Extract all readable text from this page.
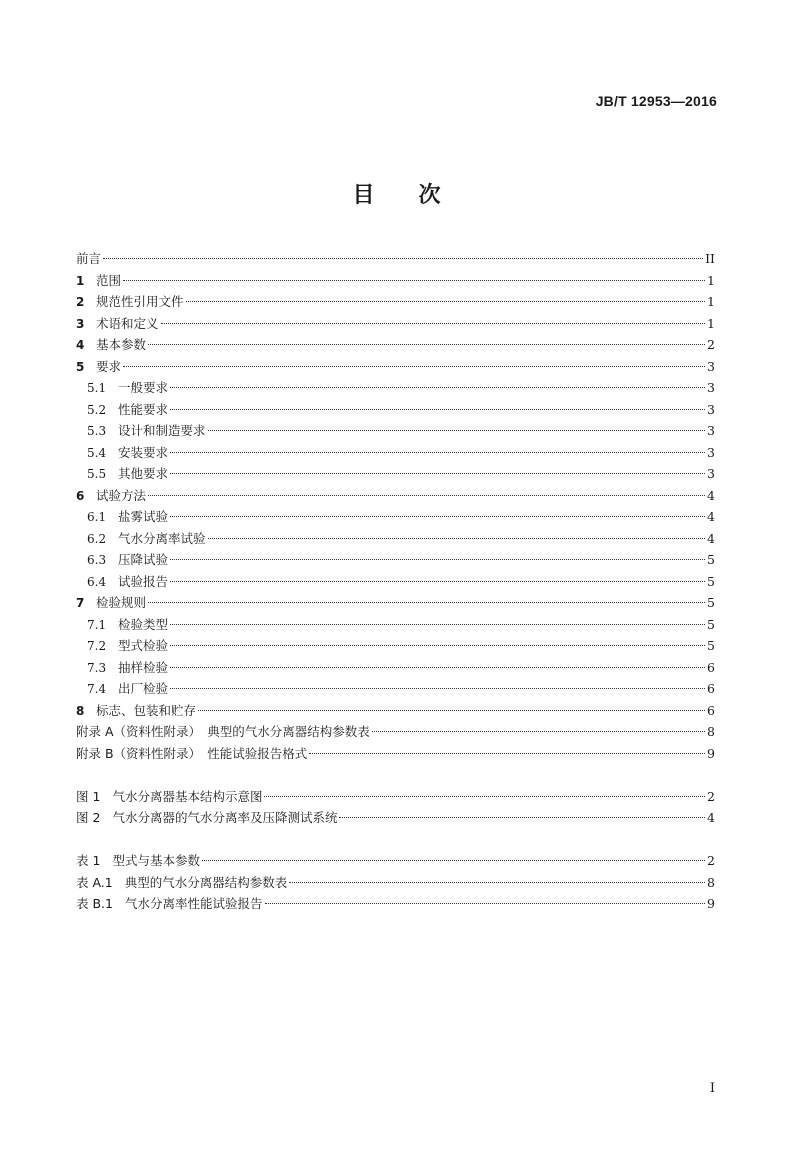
JB/T 12953—2016
目 次
前言	II
1 范围	1
2 规范性引用文件	1
3 术语和定义	1
4 基本参数	2
5 要求	3
5.1 一般要求	3
5.2 性能要求	3
5.3 设计和制造要求	3
5.4 安装要求	3
5.5 其他要求	3
6 试验方法	4
6.1 盐雾试验	4
6.2 气水分离率试验	4
6.3 压降试验	5
6.4 试验报告	5
7 检验规则	5
7.1 检验类型	5
7.2 型式检验	5
7.3 抽样检验	6
7.4 出厂检验	6
8 标志、包装和贮存	6
附录 A（资料性附录）　典型的气水分离器结构参数表	8
附录 B（资料性附录）　性能试验报告格式	9
图 1 气水分离器基本结构示意图	2
图 2 气水分离器的气水分离率及压降测试系统	4
表 1 型式与基本参数	2
表 A.1 典型的气水分离器结构参数表	8
表 B.1 气水分离率性能试验报告	9
I
